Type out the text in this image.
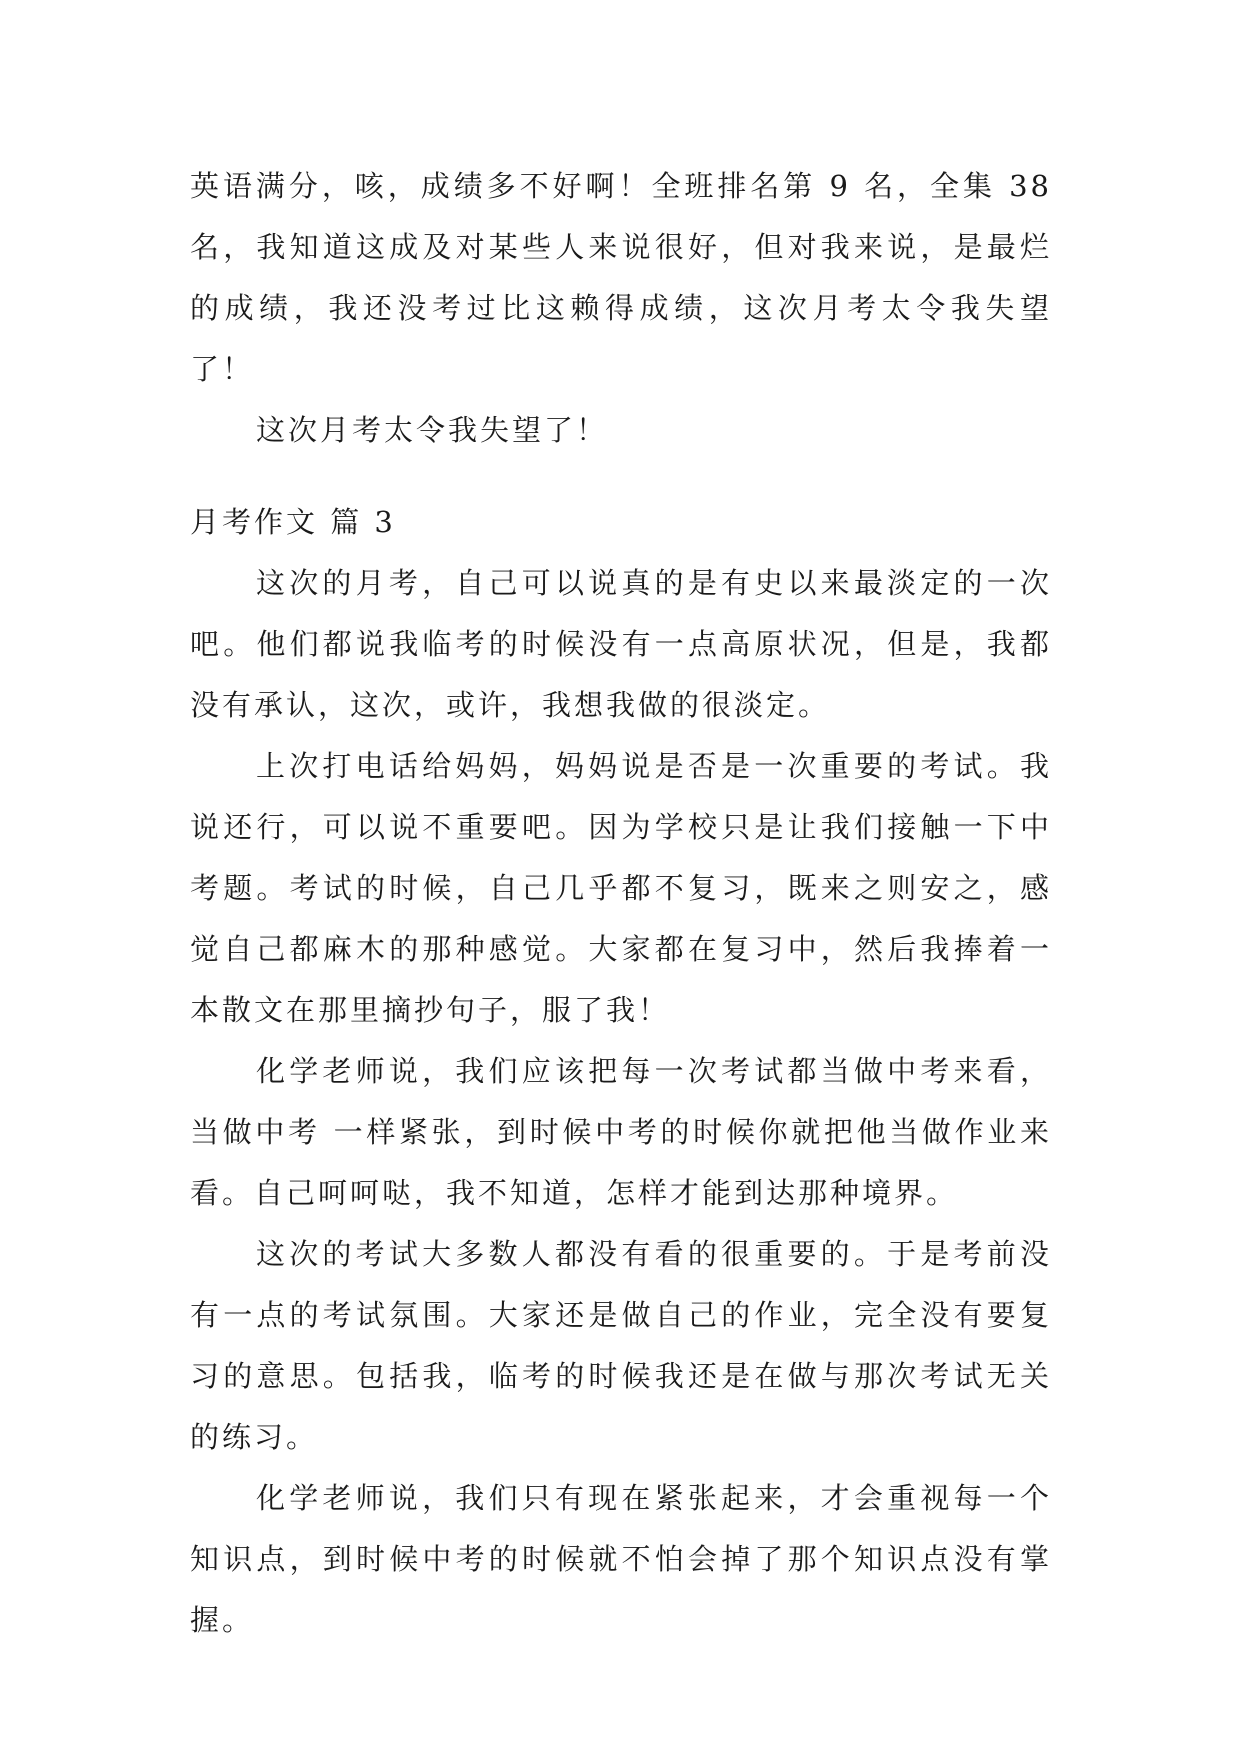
英语满分，咳，成绩多不好啊！全班排名第 9 名，全集 38 名，我知道这成及对某些人来说很好，但对我来说，是最烂的成绩，我还没考过比这赖得成绩，这次月考太令我失望了！

这次月考太令我失望了！

月考作文 篇 3

这次的月考，自己可以说真的是有史以来最淡定的一次吧。他们都说我临考的时候没有一点高原状况，但是，我都没有承认，这次，或许，我想我做的很淡定。

上次打电话给妈妈，妈妈说是否是一次重要的考试。我说还行，可以说不重要吧。因为学校只是让我们接触一下中考题。考试的时候，自己几乎都不复习，既来之则安之，感觉自己都麻木的那种感觉。大家都在复习中，然后我捧着一本散文在那里摘抄句子，服了我！

化学老师说，我们应该把每一次考试都当做中考来看，当做中考 一样紧张，到时候中考的时候你就把他当做作业来看。自己呵呵哒，我不知道，怎样才能到达那种境界。

这次的考试大多数人都没有看的很重要的。于是考前没有一点的考试氛围。大家还是做自己的作业，完全没有要复习的意思。包括我，临考的时候我还是在做与那次考试无关的练习。

化学老师说，我们只有现在紧张起来，才会重视每一个知识点，到时候中考的时候就不怕会掉了那个知识点没有掌握。
